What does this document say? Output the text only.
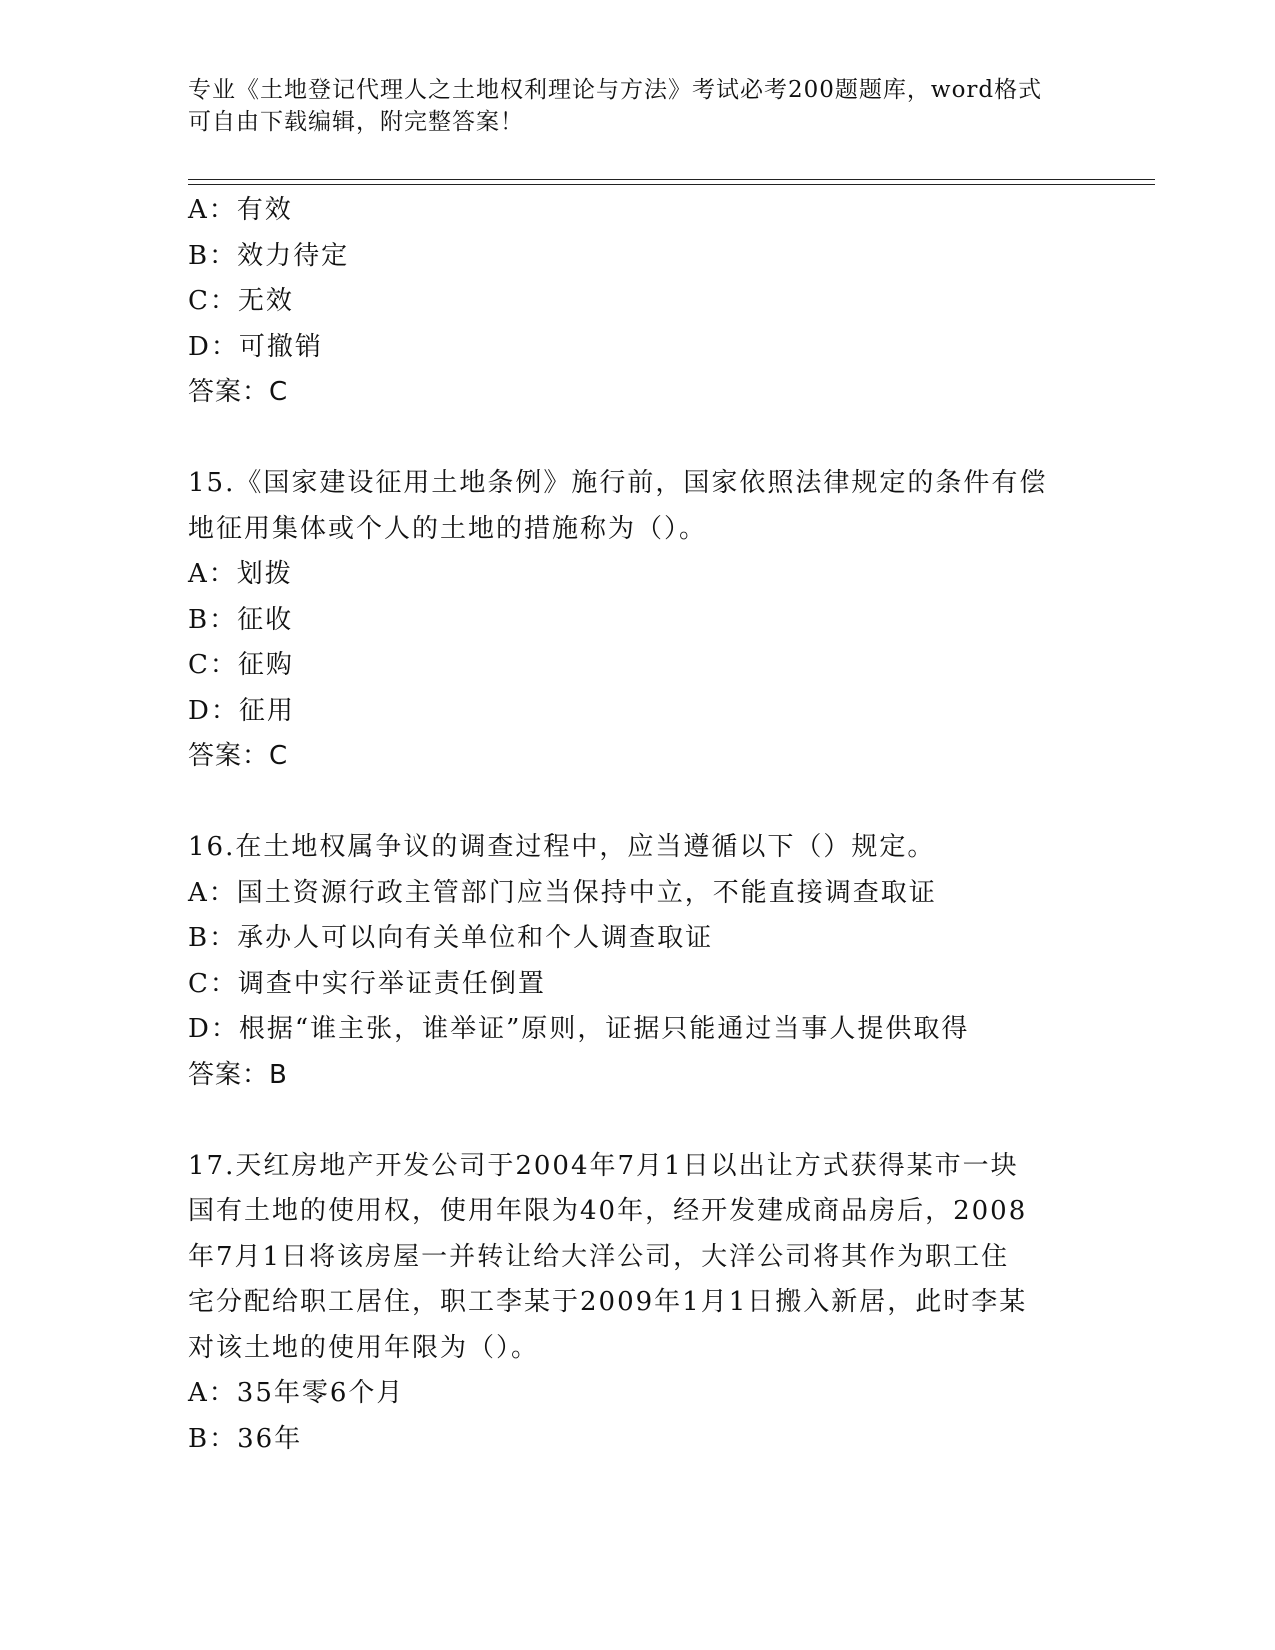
专业《土地登记代理人之土地权利理论与方法》考试必考200题题库，word格式
可自由下载编辑，附完整答案！
A：有效
B：效力待定
C：无效
D：可撤销
答案：C
15.《国家建设征用土地条例》施行前，国家依照法律规定的条件有偿
地征用集体或个人的土地的措施称为（）。
A：划拨
B：征收
C：征购
D：征用
答案：C
16.在土地权属争议的调查过程中，应当遵循以下（）规定。
A：国土资源行政主管部门应当保持中立，不能直接调查取证
B：承办人可以向有关单位和个人调查取证
C：调查中实行举证责任倒置
D：根据“谁主张，谁举证”原则，证据只能通过当事人提供取得
答案：B
17.天红房地产开发公司于2004年7月1日以出让方式获得某市一块
国有土地的使用权，使用年限为40年，经开发建成商品房后，2008
年7月1日将该房屋一并转让给大洋公司，大洋公司将其作为职工住
宅分配给职工居住，职工李某于2009年1月1日搬入新居，此时李某
对该土地的使用年限为（）。
A：35年零6个月
B：36年
